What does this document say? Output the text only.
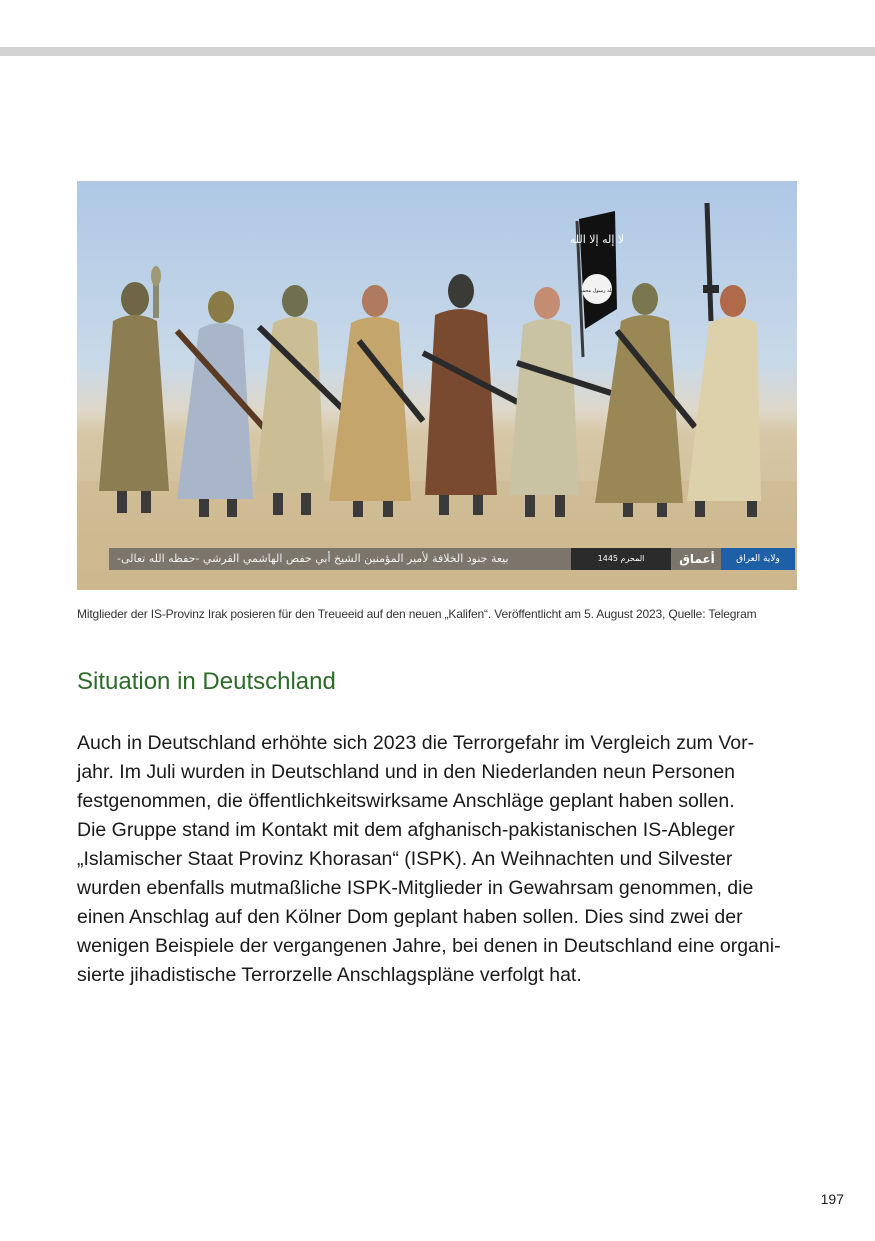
لا إله إلا الله
الله رسول محمد
بيعة جنود الخلافة لأمير المؤمنين الشيخ أبي حفص الهاشمي القرشي -حفظه الله تعالى-	المحرم 1445	أعماق	ولاية العراق
Mitglieder der IS-Provinz Irak posieren für den Treueeid auf den neuen „Kalifen“. Veröffentlicht am 5. August 2023, Quelle: Telegram
Situation in Deutschland
Auch in Deutschland erhöhte sich 2023 die Terrorgefahr im Vergleich zum Vor-
jahr. Im Juli wurden in Deutschland und in den Niederlanden neun Personen
festgenommen, die öffentlichkeitswirksame Anschläge geplant haben sollen.
Die Gruppe stand im Kontakt mit dem afghanisch-pakistanischen IS-Ableger
„Islamischer Staat Provinz Khorasan“ (ISPK). An Weihnachten und Silvester
wurden ebenfalls mutmaßliche ISPK-Mitglieder in Gewahrsam genommen, die
einen Anschlag auf den Kölner Dom geplant haben sollen. Dies sind zwei der
wenigen Beispiele der vergangenen Jahre, bei denen in Deutschland eine organi-
sierte jihadistische Terrorzelle Anschlagspläne verfolgt hat.
197
